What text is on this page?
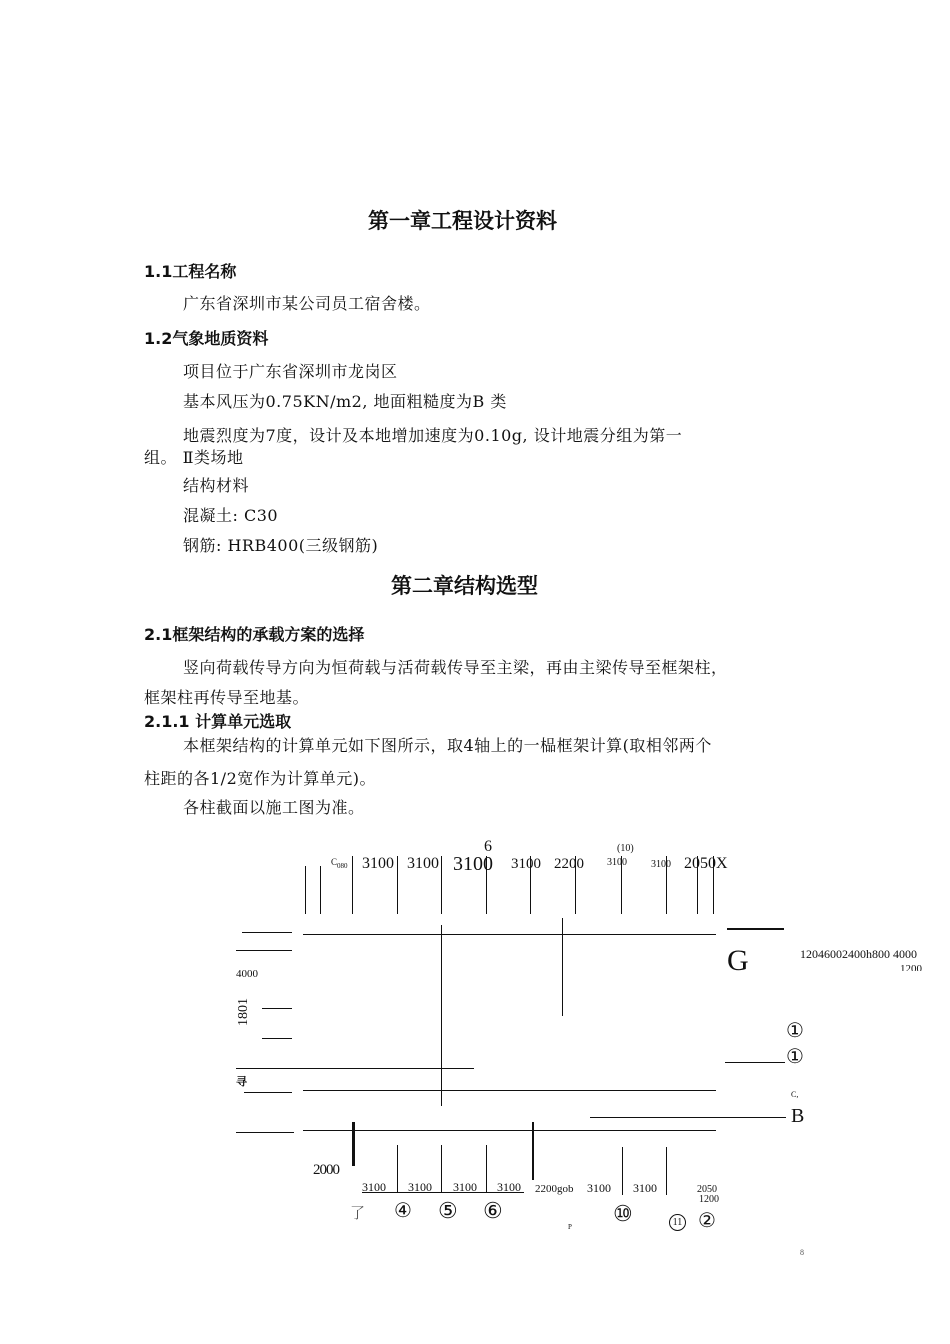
第一章工程设计资料
1.1工程名称
广东省深圳市某公司员工宿舍楼。
1.2气象地质资料
项目位于广东省深圳市龙岗区
基本风压为0.75KN/m2, 地面粗糙度为B 类
地震烈度为7度，设计及本地增加速度为0.10g, 设计地震分组为第一
组。 Ⅱ类场地
结构材料
混凝土: C30
钢筋: HRB400(三级钢筋)
第二章结构选型
2.1框架结构的承载方案的选择
竖向荷载传导方向为恒荷载与活荷载传导至主梁，再由主梁传导至框架柱，
框架柱再传导至地基。
2.1.1 计算单元选取
本框架结构的计算单元如下图所示，取4轴上的一榀框架计算(取相邻两个
柱距的各1/2宽作为计算单元)。
各柱截面以施工图为准。
$C_{080}$ 3100 3100 3100
6
3100 2200
(10)
3100 3100 2050 X
G	12046002400h800 4000
1200
①
①
C,
B
4000
1801
寻
2000
3100 3100 3100 3100 2200gob 3100 3100	2050
1200
了 ④ ⑤ ⑥	⑩	11 ②
P
8
